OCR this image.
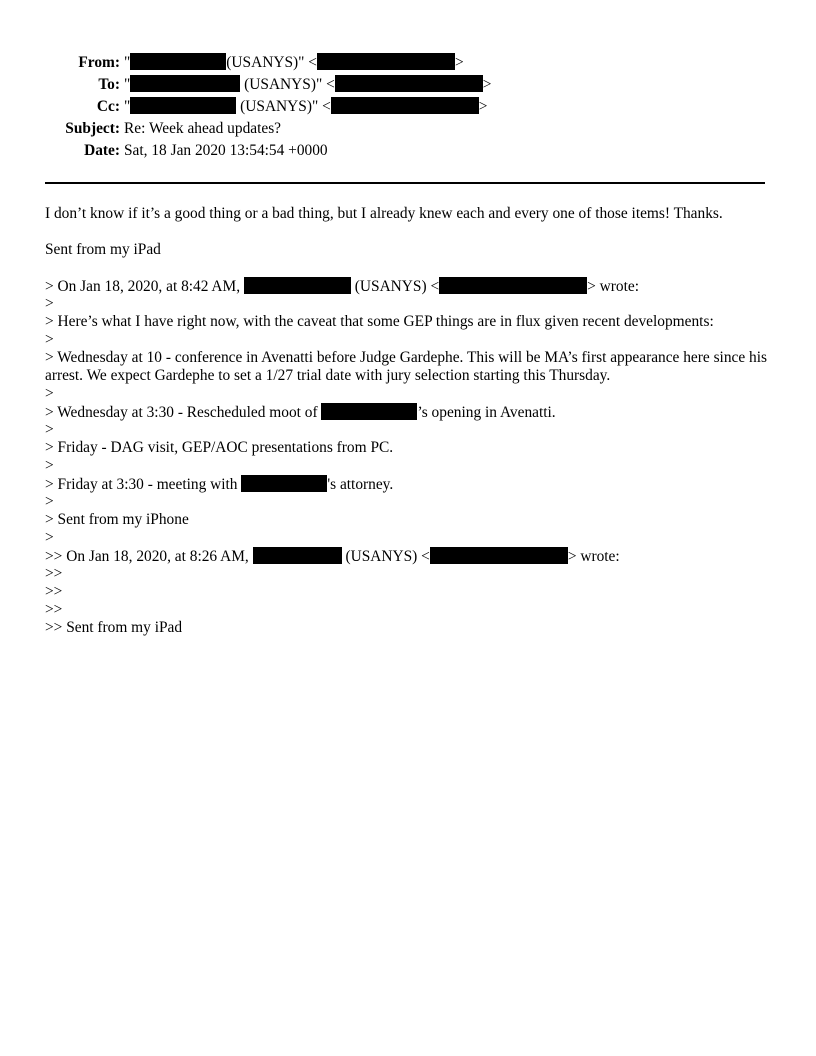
From: "	(USANYS)" <	>
To: "	(USANYS)" <	>
Cc: "	(USANYS)" <	>
Subject: Re: Week ahead updates?
Date: Sat, 18 Jan 2020 13:54:54 +0000
I don’t know if it’s a good thing or a bad thing, but I already knew each and every one of those items! Thanks.
Sent from my iPad
> On Jan 18, 2020, at 8:42 AM,	(USANYS) <	> wrote:
>
> Here’s what I have right now, with the caveat that some GEP things are in flux given recent developments:
>
> Wednesday at 10 - conference in Avenatti before Judge Gardephe. This will be MA’s first appearance here since his arrest. We expect Gardephe to set a 1/27 trial date with jury selection starting this Thursday.
>
> Wednesday at 3:30 - Rescheduled moot of	’s opening in Avenatti.
>
> Friday - DAG visit, GEP/AOC presentations from PC.
>
> Friday at 3:30 - meeting with	's attorney.
>
> Sent from my iPhone
>
>> On Jan 18, 2020, at 8:26 AM,	(USANYS) <	> wrote:
>>
>>
>>
>> Sent from my iPad
